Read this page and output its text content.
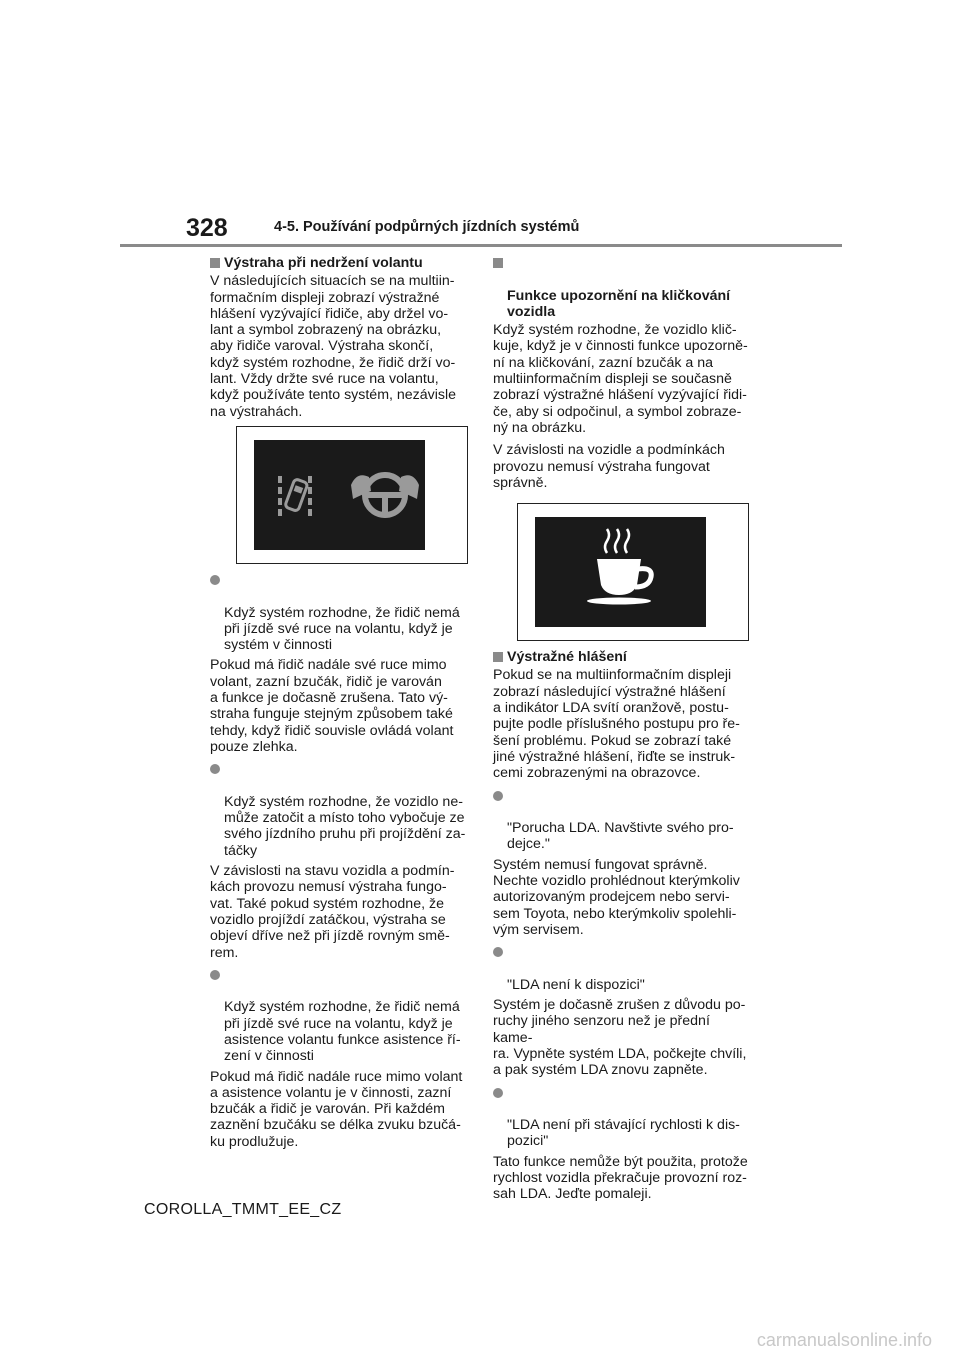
328	4-5. Používání podpůrných jízdních systémů
Výstraha při nedržení volantu

V následujících situacích se na multiin-
formačním displeji zobrazí výstražné
hlášení vyzývající řidiče, aby držel vo-
lant a symbol zobrazený na obrázku,
aby řidiče varoval. Výstraha skončí,
když systém rozhodne, že řidič drží vo-
lant. Vždy držte své ruce na volantu,
když používáte tento systém, nezávisle
na výstrahách.

Když systém rozhodne, že řidič nemá
při jízdě své ruce na volantu, když je
systém v činnosti

Pokud má řidič nadále své ruce mimo
volant, zazní bzučák, řidič je varován
a funkce je dočasně zrušena. Tato vý-
straha funguje stejným způsobem také
tehdy, když řidič souvisle ovládá volant
pouze zlehka.

Když systém rozhodne, že vozidlo ne-
může zatočit a místo toho vybočuje ze
svého jízdního pruhu při projíždění za-
táčky

V závislosti na stavu vozidla a podmín-
kách provozu nemusí výstraha fungo-
vat. Také pokud systém rozhodne, že
vozidlo projíždí zatáčkou, výstraha se
objeví dříve než při jízdě rovným smě-
rem.

Když systém rozhodne, že řidič nemá
při jízdě své ruce na volantu, když je
asistence volantu funkce asistence ří-
zení v činnosti

Pokud má řidič nadále ruce mimo volant
a asistence volantu je v činnosti, zazní
bzučák a řidič je varován. Při každém
zaznění bzučáku se délka zvuku bzučá-
ku prodlužuje.

Funkce upozornění na kličkování
vozidla

Když systém rozhodne, že vozidlo klič-
kuje, když je v činnosti funkce upozorně-
ní na kličkování, zazní bzučák a na
multiinformačním displeji se současně
zobrazí výstražné hlášení vyzývající řidi-
če, aby si odpočinul, a symbol zobraze-
ný na obrázku.

V závislosti na vozidle a podmínkách
provozu nemusí výstraha fungovat
správně.

Výstražné hlášení

Pokud se na multiinformačním displeji
zobrazí následující výstražné hlášení
a indikátor LDA svítí oranžově, postu-
pujte podle příslušného postupu pro ře-
šení problému. Pokud se zobrazí také
jiné výstražné hlášení, řiďte se instruk-
cemi zobrazenými na obrazovce.

"Porucha LDA. Navštivte svého pro-
dejce."

Systém nemusí fungovat správně.
Nechte vozidlo prohlédnout kterýmkoliv
autorizovaným prodejcem nebo servi-
sem Toyota, nebo kterýmkoliv spolehli-
vým servisem.

"LDA není k dispozici"

Systém je dočasně zrušen z důvodu po-
ruchy jiného senzoru než je přední kame-
ra. Vypněte systém LDA, počkejte chvíli,
a pak systém LDA znovu zapněte.

"LDA není při stávající rychlosti k dis-
pozici"

Tato funkce nemůže být použita, protože
rychlost vozidla překračuje provozní roz-
sah LDA. Jeďte pomaleji.

COROLLA_TMMT_EE_CZ
carmanualsonline.info
